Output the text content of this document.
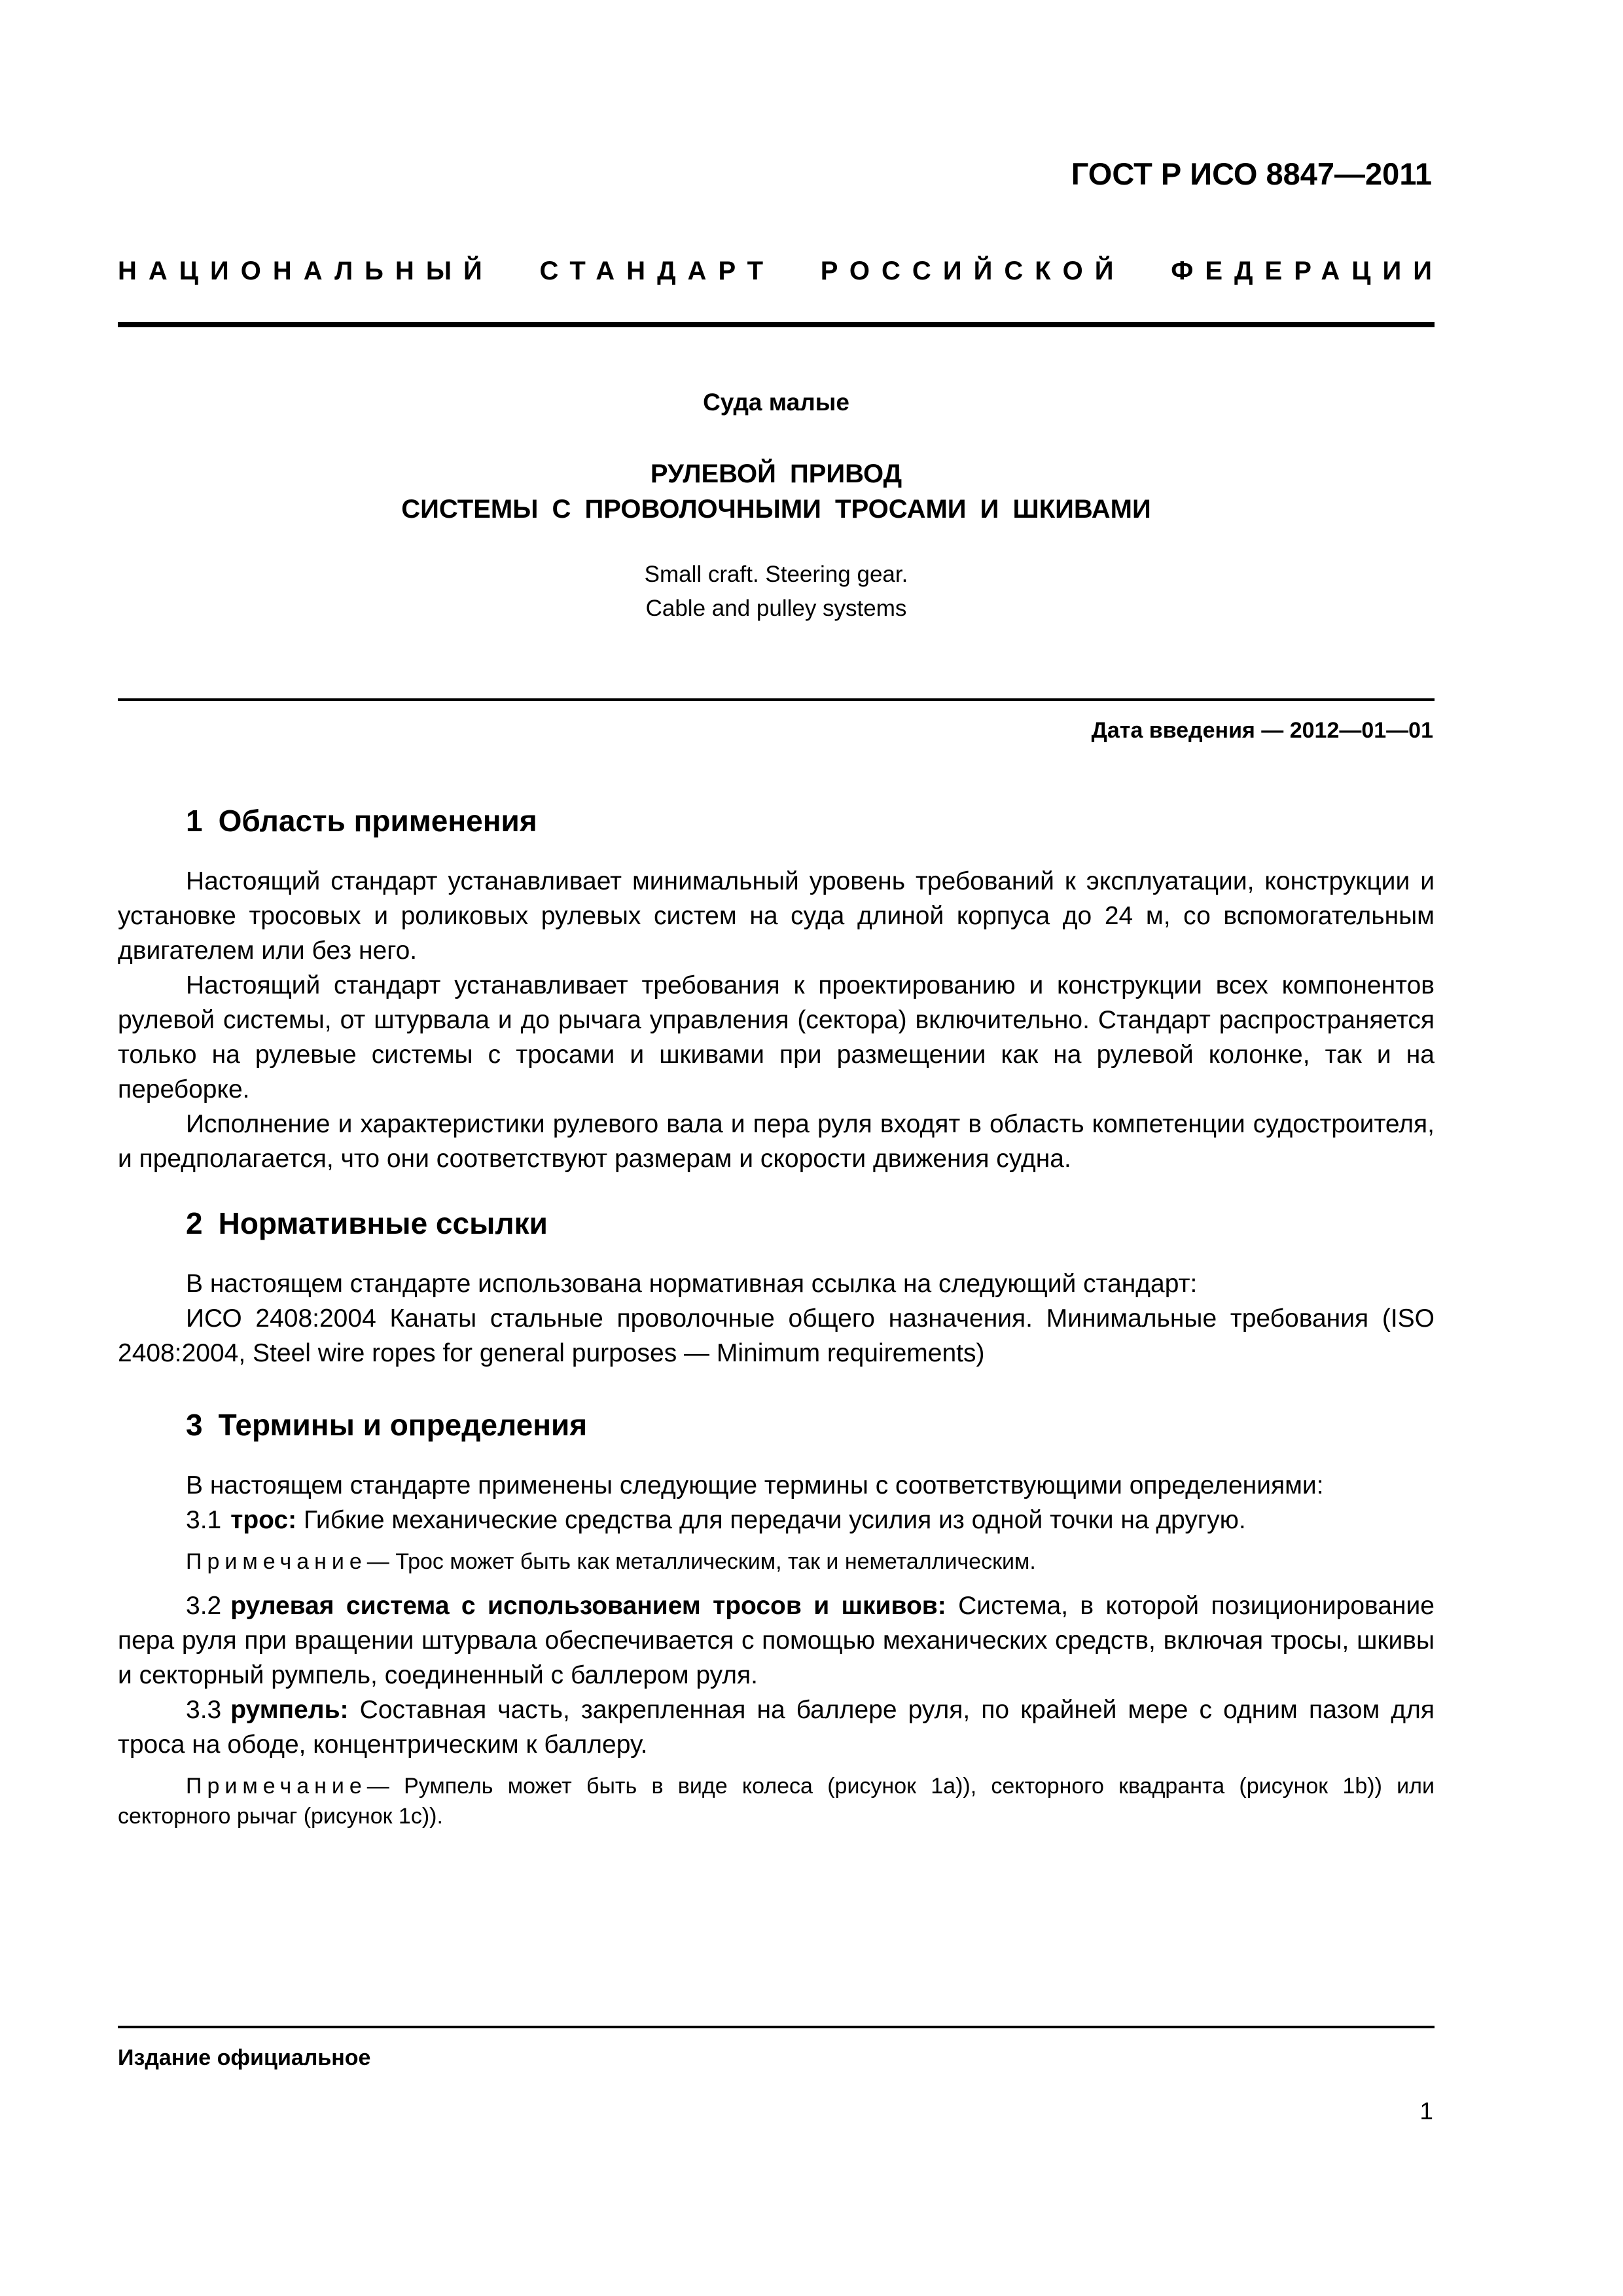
ГОСТ Р ИСО 8847—2011

НАЦИОНАЛЬНЫЙ СТАНДАРТ РОССИЙСКОЙ ФЕДЕРАЦИИ

Суда малые

РУЛЕВОЙ ПРИВОД
СИСТЕМЫ С ПРОВОЛОЧНЫМИ ТРОСАМИ И ШКИВАМИ
Small craft. Steering gear.
Cable and pulley systems

Дата введения — 2012—01—01

1 Область применения

Настоящий стандарт устанавливает минимальный уровень требований к эксплуатации, конструкции и установке тросовых и роликовых рулевых систем на суда длиной корпуса до 24 м, со вспомогательным двигателем или без него.

Настоящий стандарт устанавливает требования к проектированию и конструкции всех компонентов рулевой системы, от штурвала и до рычага управления (сектора) включительно. Стандарт распространяется только на рулевые системы с тросами и шкивами при размещении как на рулевой колонке, так и на переборке.

Исполнение и характеристики рулевого вала и пера руля входят в область компетенции судостроителя, и предполагается, что они соответствуют размерам и скорости движения судна.

2 Нормативные ссылки

В настоящем стандарте использована нормативная ссылка на следующий стандарт:

ИСО 2408:2004 Канаты стальные проволочные общего назначения. Минимальные требования (ISO 2408:2004, Steel wire ropes for general purposes — Minimum requirements)

3 Термины и определения

В настоящем стандарте применены следующие термины с соответствующими определениями:

3.1 трос: Гибкие механические средства для передачи усилия из одной точки на другую.

Примечание— Трос может быть как металлическим, так и неметаллическим.

3.2 рулевая система с использованием тросов и шкивов: Система, в которой позиционирование пера руля при вращении штурвала обеспечивается с помощью механических средств, включая тросы, шкивы и секторный румпель, соединенный с баллером руля.

3.3 румпель: Составная часть, закрепленная на баллере руля, по крайней мере с одним пазом для троса на ободе, концентрическим к баллеру.

Примечание— Румпель может быть в виде колеса (рисунок 1a)), секторного квадранта (рисунок 1b)) или секторного рычаг (рисунок 1c)).

Издание официальное

1
